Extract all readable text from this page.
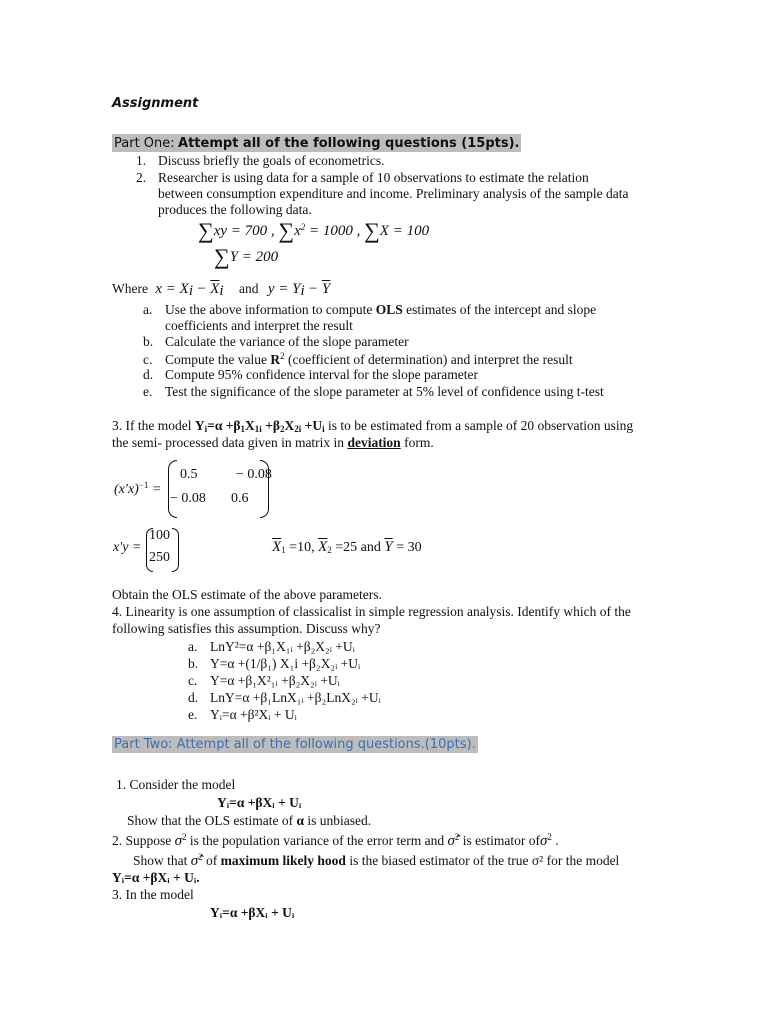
Assignment
Part One: Attempt all of the following questions (15pts).
1. Discuss briefly the goals of econometrics.
2. Researcher is using data for a sample of 10 observations to estimate the relation
between consumption expenditure and income. Preliminary analysis of the sample data
produces the following data.
∑xy = 700 , $\sum x^2 = 1000$ , ∑X = 100
∑Y = 200
Where $x = Xi - \overline{X}i$ and $y = Yi - \overline{Y}$
a. Use the above information to compute OLS estimates of the intercept and slope
coefficients and interpret the result
b. Calculate the variance of the slope parameter
c. Compute the value $R^2$ (coefficient of determination) and interpret the result
d. Compute 95% confidence interval for the slope parameter
e. Test the significance of the slope parameter at 5% level of confidence using t-test
3. If the model $Y_i=\alpha +\beta_1X_{1i} +\beta_2X_{2i} +U_i$ is to be estimated from a sample of 20 observation using
the semi- processed data given in matrix in deviation form.
$(x'x)^{-1}$ =
0.5	− 0.08
− 0.08 0.6
x′y =
100
250
$\overline{X}_1 =10$, $\overline{X}_2 =25$ and $\overline{Y} = 30$
Obtain the OLS estimate of the above parameters.
4. Linearity is one assumption of classicalist in simple regression analysis. Identify which of the
following satisfies this assumption. Discuss why?
a. LnY²=α +β₁X₁ᵢ +β₂X₂ᵢ +Uᵢ
b. Y=α +(1/β₁) X₁i +β₂X₂ᵢ +Uᵢ
c. Y=α +β₁X²₁ᵢ +β₂X₂ᵢ +Uᵢ
d. LnY=α +β₁LnX₁ᵢ +β₂LnX₂ᵢ +Uᵢ
e. Yᵢ=α +β²Xᵢ + Uᵢ
Part Two: Attempt all of the following questions.(10pts).
1. Consider the model
Yᵢ=α +βXᵢ + Uᵢ
Show that the OLS estimate of α is unbiased.
2. Suppose $\sigma^2$ is the population variance of the error term and σ̂$^2$ is estimator ofσ$^2$ .
Show that σ̂$^2$ of maximum likely hood is the biased estimator of the true σ² for the model
Yᵢ=α +βXᵢ + Uᵢ.
3. In the model
Yᵢ=α +βXᵢ + Uᵢ
